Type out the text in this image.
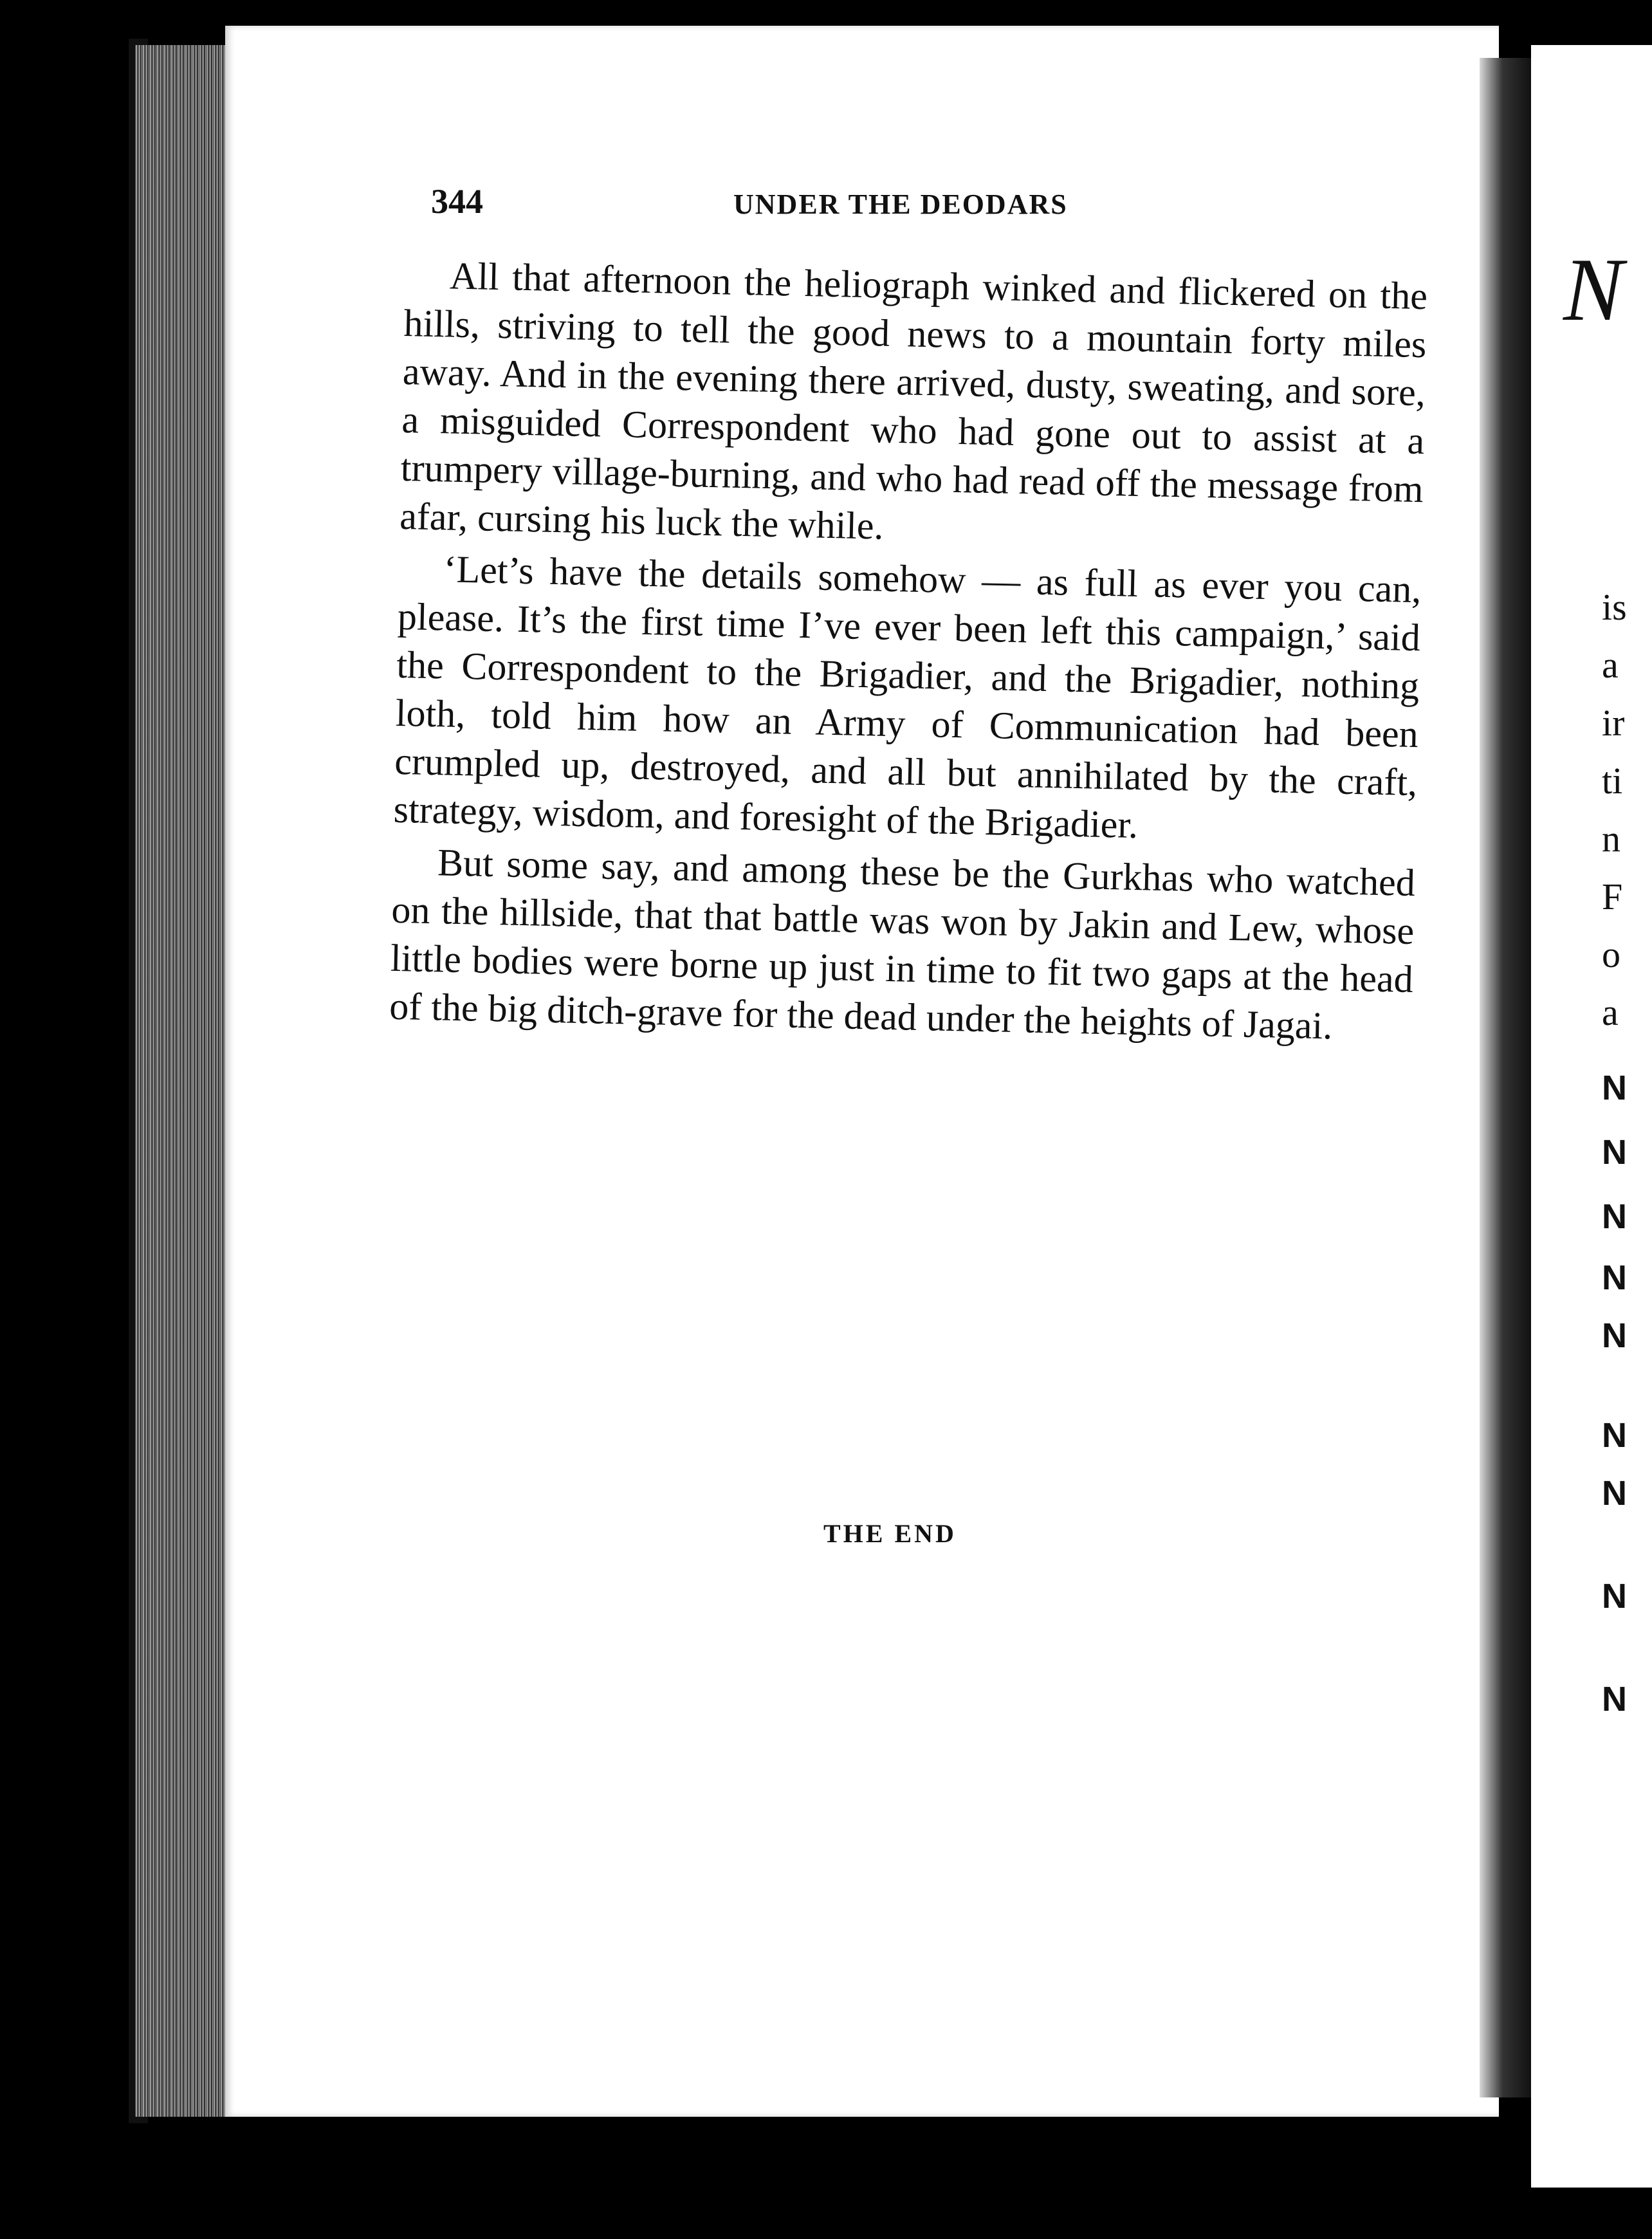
344	UNDER THE DEODARS

All that afternoon the heliograph winked and flickered on the hills, striving to tell the good news to a mountain forty miles away. And in the evening there arrived, dusty, sweating, and sore, a misguided Correspondent who had gone out to assist at a trumpery village-burning, and who had read off the message from afar, cursing his luck the while.

‘Let’s have the details somehow — as full as ever you can, please. It’s the first time I’ve ever been left this campaign,’ said the Correspondent to the Brigadier, and the Brigadier, nothing loth, told him how an Army of Communication had been crumpled up, destroyed, and all but annihilated by the craft, strategy, wisdom, and foresight of the Brigadier.

But some say, and among these be the Gurkhas who watched on the hillside, that that battle was won by Jakin and Lew, whose little bodies were borne up just in time to fit two gaps at the head of the big ditch-grave for the dead under the heights of Jagai.

THE END
N
is
a
ir
ti
n
F
o
a
N
N
N
N
N
N
N
N
N
